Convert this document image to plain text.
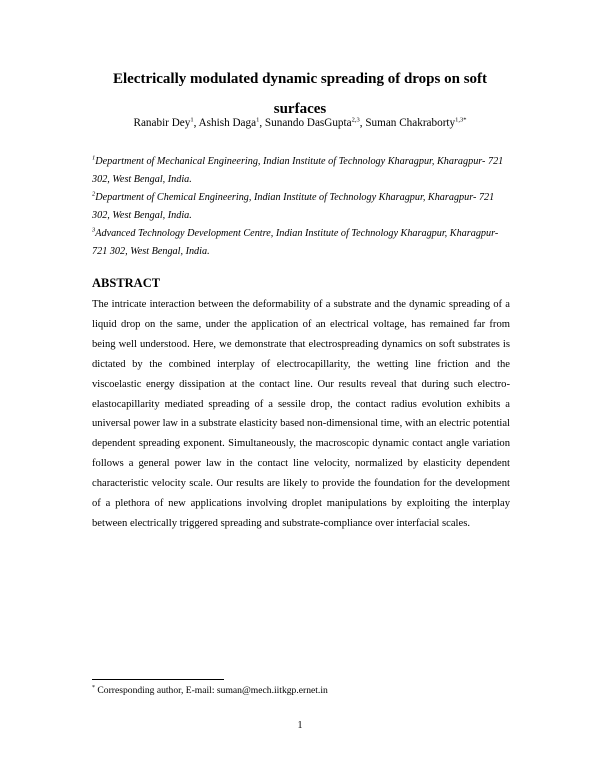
Electrically modulated dynamic spreading of drops on soft surfaces
Ranabir Dey$^1$, Ashish Daga$^1$, Sunando DasGupta$^{2,3}$, Suman Chakraborty$^{1,3*}$
$^1$Department of Mechanical Engineering, Indian Institute of Technology Kharagpur, Kharagpur- 721 302, West Bengal, India.
$^2$Department of Chemical Engineering, Indian Institute of Technology Kharagpur, Kharagpur- 721 302, West Bengal, India.
$^3$Advanced Technology Development Centre, Indian Institute of Technology Kharagpur, Kharagpur- 721 302, West Bengal, India.
ABSTRACT
The intricate interaction between the deformability of a substrate and the dynamic spreading of a liquid drop on the same, under the application of an electrical voltage, has remained far from being well understood. Here, we demonstrate that electrospreading dynamics on soft substrates is dictated by the combined interplay of electrocapillarity, the wetting line friction and the viscoelastic energy dissipation at the contact line. Our results reveal that during such electro-elastocapillarity mediated spreading of a sessile drop, the contact radius evolution exhibits a universal power law in a substrate elasticity based non-dimensional time, with an electric potential dependent spreading exponent. Simultaneously, the macroscopic dynamic contact angle variation follows a general power law in the contact line velocity, normalized by elasticity dependent characteristic velocity scale. Our results are likely to provide the foundation for the development of a plethora of new applications involving droplet manipulations by exploiting the interplay between electrically triggered spreading and substrate-compliance over interfacial scales.
* Corresponding author, E-mail: suman@mech.iitkgp.ernet.in
1
